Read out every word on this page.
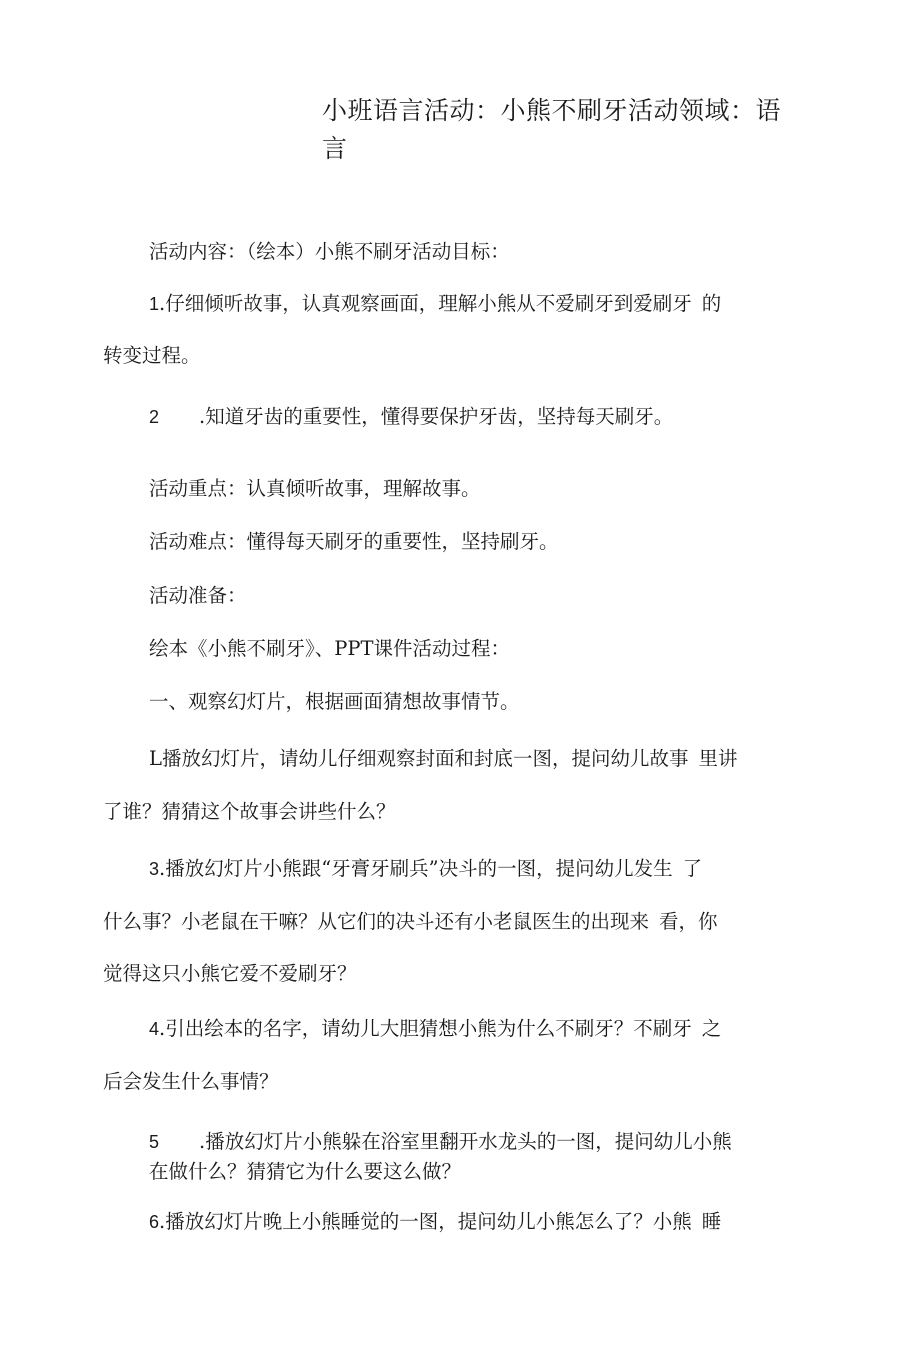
小班语言活动：小熊不刷牙活动领域：语
言
活动内容：（绘本）小熊不刷牙活动目标：
1.仔细倾听故事，认真观察画面，理解小熊从不爱刷牙到爱刷牙 的
转变过程。
2 .知道牙齿的重要性，懂得要保护牙齿，坚持每天刷牙。
活动重点：认真倾听故事，理解故事。
活动难点：懂得每天刷牙的重要性，坚持刷牙。
活动准备：
绘本《小熊不刷牙》、PPT课件活动过程：
一、观察幻灯片，根据画面猜想故事情节。
L播放幻灯片，请幼儿仔细观察封面和封底一图，提问幼儿故事 里讲
了谁？猜猜这个故事会讲些什么？
3.播放幻灯片小熊跟“牙膏牙刷兵”决斗的一图，提问幼儿发生 了
什么事？小老鼠在干嘛？从它们的决斗还有小老鼠医生的出现来 看，你
觉得这只小熊它爱不爱刷牙？
4.引出绘本的名字，请幼儿大胆猜想小熊为什么不刷牙？不刷牙 之
后会发生什么事情？
5 .播放幻灯片小熊躲在浴室里翻开水龙头的一图，提问幼儿小熊
在做什么？猜猜它为什么要这么做？
6.播放幻灯片晚上小熊睡觉的一图，提问幼儿小熊怎么了？小熊 睡
